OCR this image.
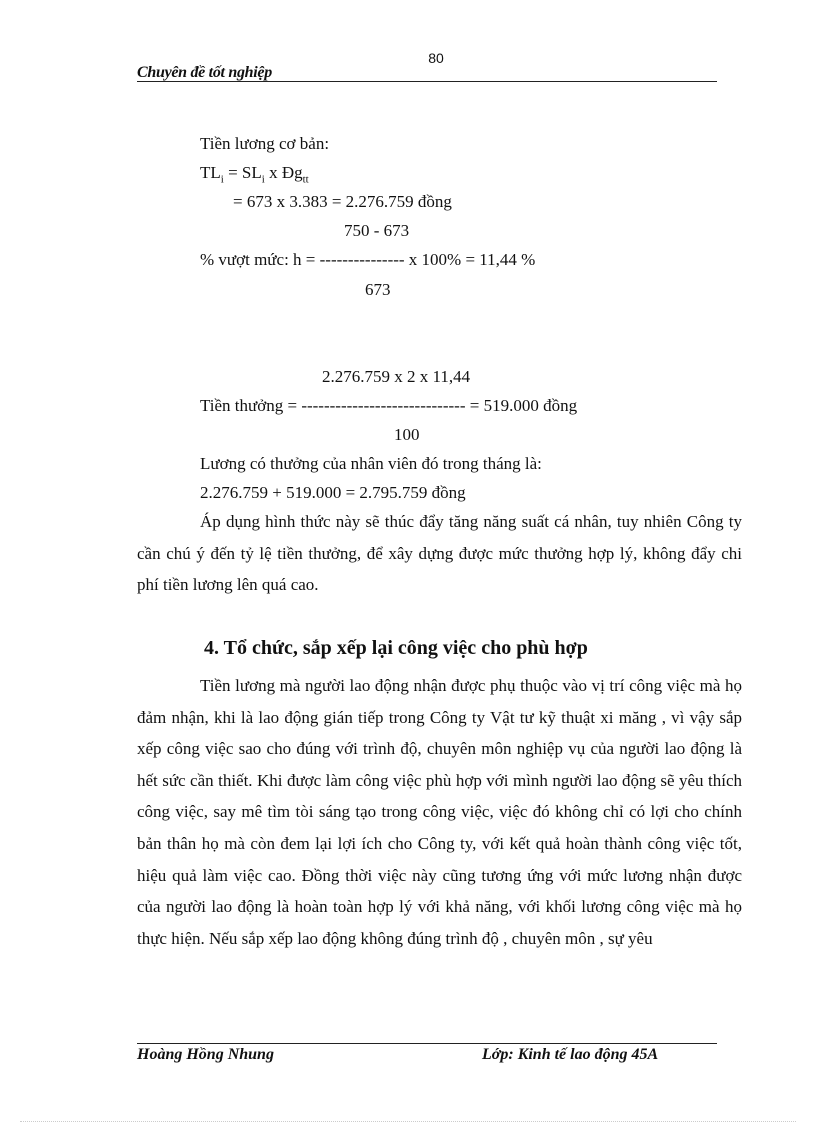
80
Chuyên đề tốt nghiệp
Tiền lương cơ bản:
$TL_i = SL_i$ x $Đg_{tt}$
= 673 x 3.383 = 2.276.759 đồng
750 - 673
% vượt mức: h = --------------- x 100% = 11,44 %
673
2.276.759 x 2 x 11,44
Tiền thưởng = ----------------------------- = 519.000 đồng
100
Lương có thưởng của nhân viên đó trong tháng là:
2.276.759 + 519.000 = 2.795.759 đồng
Áp dụng hình thức này sẽ thúc đẩy tăng năng suất cá nhân, tuy nhiên Công ty cần chú ý đến tỷ lệ tiền thưởng, để xây dựng được mức thưởng hợp lý, không đẩy chi phí tiền lương lên quá cao.
4. Tổ chức, sắp xếp lại công việc cho phù hợp
Tiền lương mà người lao động nhận được phụ thuộc vào vị trí công việc mà họ đảm nhận, khi là lao động gián tiếp trong Công ty Vật tư kỹ thuật xi măng , vì vậy sắp xếp công việc sao cho đúng với trình độ, chuyên môn nghiệp vụ của người lao động là hết sức cần thiết. Khi được làm công việc phù hợp với mình người lao động sẽ yêu thích công việc, say mê tìm tòi sáng tạo trong công việc, việc đó không chỉ có lợi cho chính bản thân họ mà còn đem lại lợi ích cho Công ty, với kết quả hoàn thành công việc tốt, hiệu quả làm việc cao. Đồng thời việc này cũng tương ứng với mức lương nhận được của người lao động là hoàn toàn hợp lý với khả năng, với khối lương công việc mà họ thực hiện. Nếu sắp xếp lao động không đúng trình độ , chuyên môn , sự yêu
Hoàng Hồng Nhung	Lớp: Kinh tế lao động 45A
